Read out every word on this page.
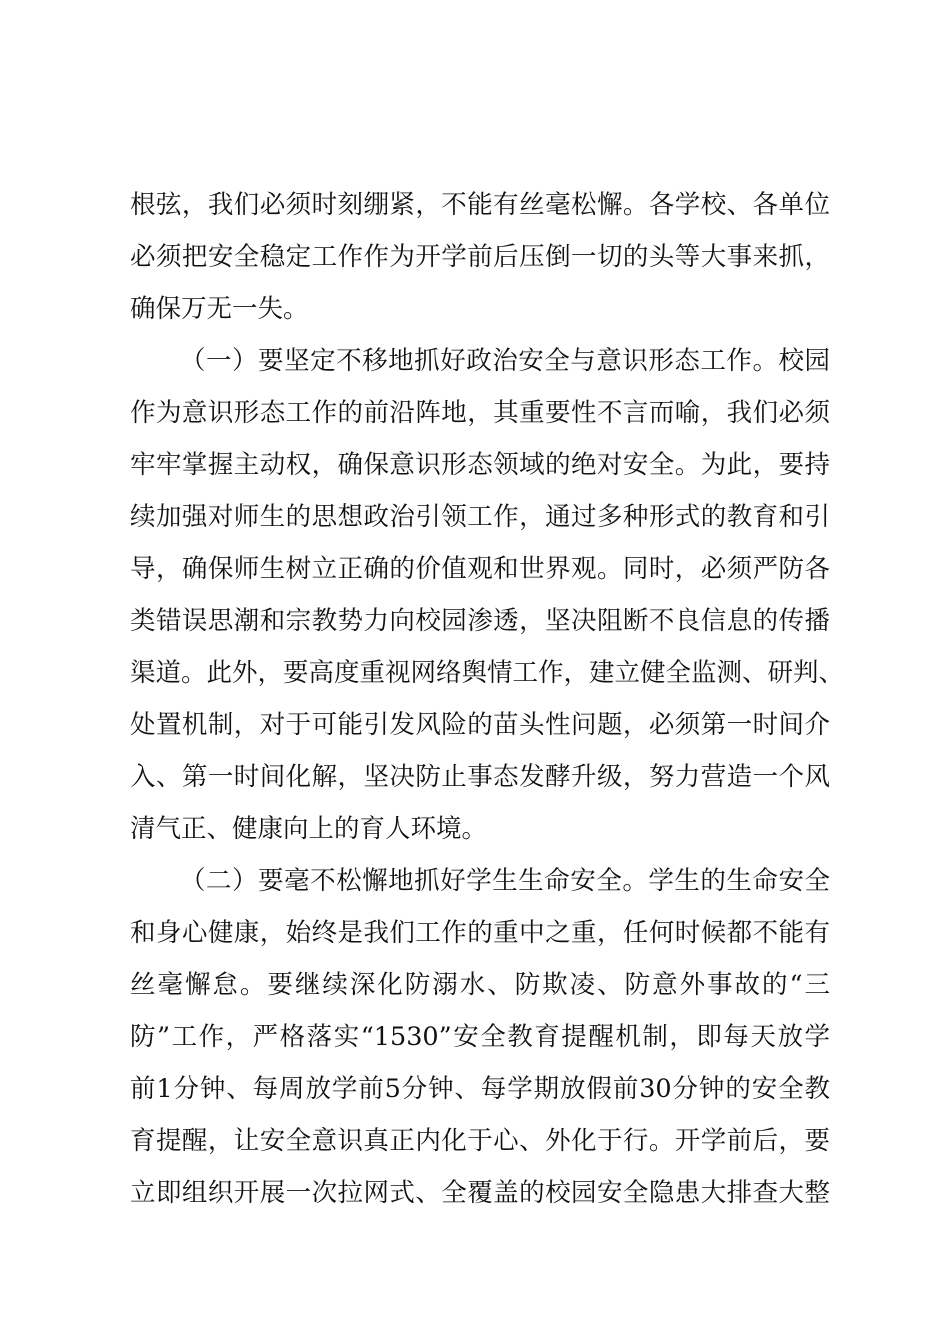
根弦，我们必须时刻绷紧，不能有丝毫松懈。各学校、各单位

必须把安全稳定工作作为开学前后压倒一切的头等大事来抓，

确保万无一失。

（一）要坚定不移地抓好政治安全与意识形态工作。校园

作为意识形态工作的前沿阵地，其重要性不言而喻，我们必须

牢牢掌握主动权，确保意识形态领域的绝对安全。为此，要持

续加强对师生的思想政治引领工作，通过多种形式的教育和引

导，确保师生树立正确的价值观和世界观。同时，必须严防各

类错误思潮和宗教势力向校园渗透，坚决阻断不良信息的传播

渠道。此外，要高度重视网络舆情工作，建立健全监测、研判、

处置机制，对于可能引发风险的苗头性问题，必须第一时间介

入、第一时间化解，坚决防止事态发酵升级，努力营造一个风

清气正、健康向上的育人环境。

（二）要毫不松懈地抓好学生生命安全。学生的生命安全

和身心健康，始终是我们工作的重中之重，任何时候都不能有

丝毫懈怠。要继续深化防溺水、防欺凌、防意外事故的“三

防”工作，严格落实“1530”安全教育提醒机制，即每天放学

前1分钟、每周放学前5分钟、每学期放假前30分钟的安全教

育提醒，让安全意识真正内化于心、外化于行。开学前后，要

立即组织开展一次拉网式、全覆盖的校园安全隐患大排查大整
